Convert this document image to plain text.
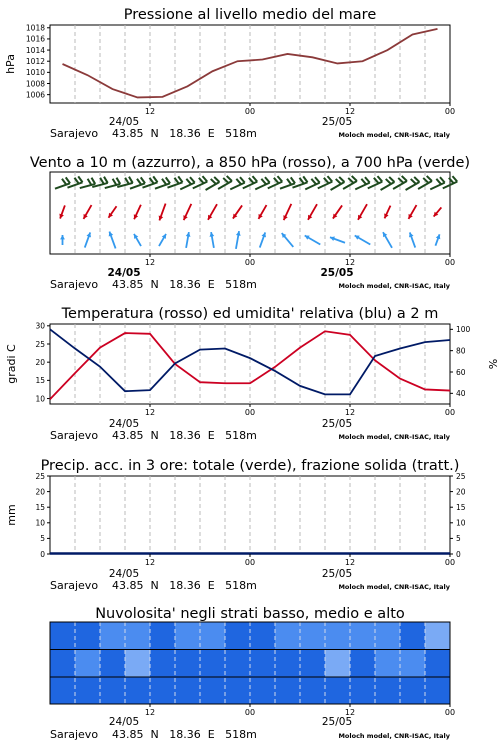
Pressione al livello medio del mare
1006
1008
1010
1012
1014
1016
1018
hPa
12	00	12	00
24/05	25/05
Sarajevo    43.85  N   18.36  E   518m	Moloch model, CNR-ISAC, Italy
Vento a 10 m (azzurro), a 850 hPa (rosso), a 700 hPa (verde)
12	00	12	00
24/05	25/05
Sarajevo    43.85  N   18.36  E   518m	Moloch model, CNR-ISAC, Italy
Temperatura (rosso) ed umidita' relativa (blu) a 2 m
10
15
20
25
30
40
60
80
100
gradi C	%
12	00	12	00
24/05	25/05
Sarajevo    43.85  N   18.36  E   518m	Moloch model, CNR-ISAC, Italy
Precip. acc. in 3 ore: totale (verde), frazione solida (tratt.)
0
5
10
15
20
25
0
5
10
15
20
25
mm
12	00	12	00
24/05	25/05
Sarajevo    43.85  N   18.36  E   518m	Moloch model, CNR-ISAC, Italy
Nuvolosita' negli strati basso, medio e alto
12	00	12	00
24/05	25/05
Sarajevo    43.85  N   18.36  E   518m	Moloch model, CNR-ISAC, Italy
